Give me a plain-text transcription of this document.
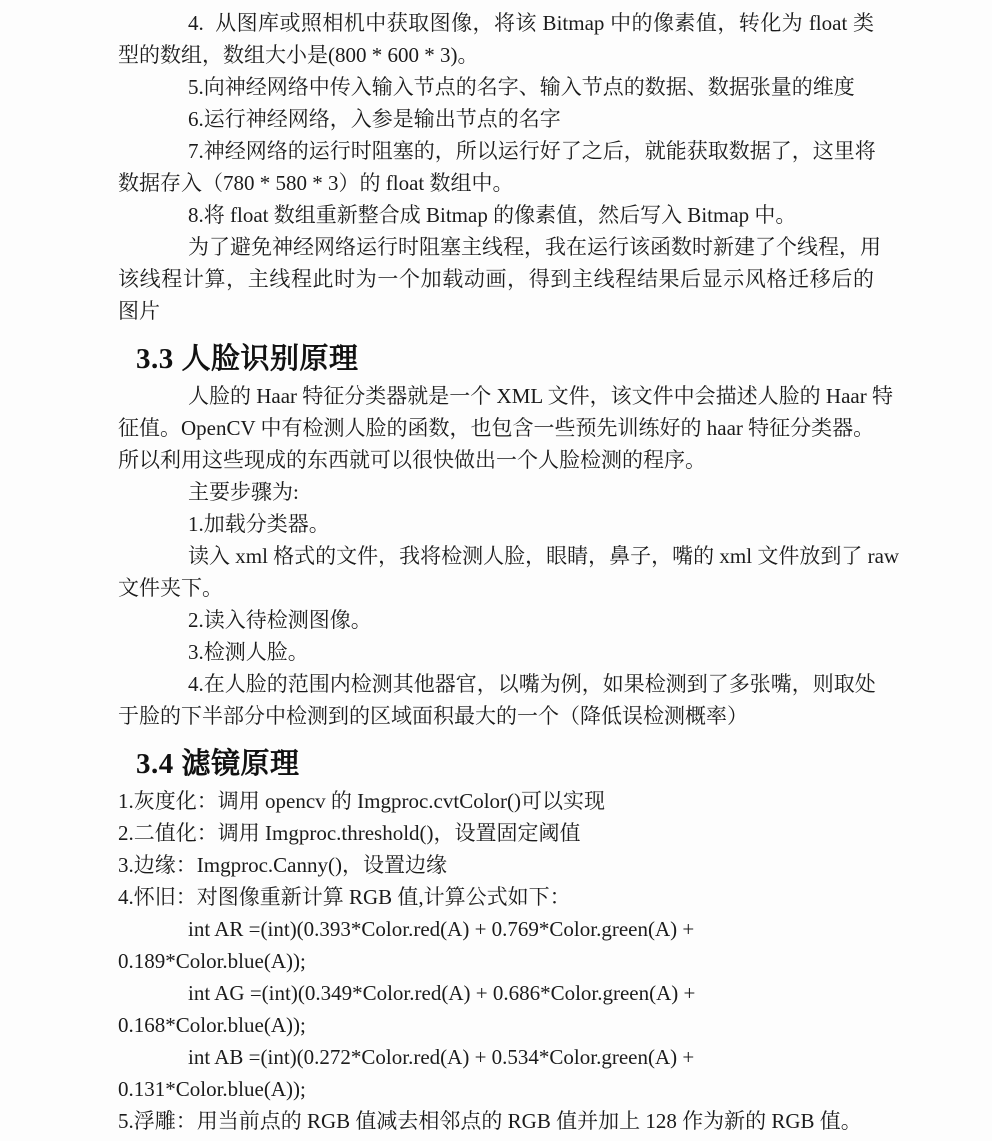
4.  从图库或照相机中获取图像，将该 Bitmap 中的像素值，转化为 float 类
型的数组，数组大小是(800 * 600 * 3)。
5.向神经网络中传入输入节点的名字、输入节点的数据、数据张量的维度
6.运行神经网络，入参是输出节点的名字
7.神经网络的运行时阻塞的，所以运行好了之后，就能获取数据了，这里将
数据存入（780 * 580 * 3）的 float 数组中。
8.将 float 数组重新整合成 Bitmap 的像素值，然后写入 Bitmap 中。
为了避免神经网络运行时阻塞主线程，我在运行该函数时新建了个线程，用
该线程计算，主线程此时为一个加载动画，得到主线程结果后显示风格迁移后的
图片
3.3 人脸识别原理
人脸的 Haar 特征分类器就是一个 XML 文件，该文件中会描述人脸的 Haar 特
征值。OpenCV 中有检测人脸的函数，也包含一些预先训练好的 haar 特征分类器。
所以利用这些现成的东西就可以很快做出一个人脸检测的程序。
主要步骤为:
1.加载分类器。
读入 xml 格式的文件，我将检测人脸，眼睛，鼻子，嘴的 xml 文件放到了 raw
文件夹下。
2.读入待检测图像。
3.检测人脸。
4.在人脸的范围内检测其他器官，以嘴为例，如果检测到了多张嘴，则取处
于脸的下半部分中检测到的区域面积最大的一个（降低误检测概率）
3.4 滤镜原理
1.灰度化：调用 opencv 的 Imgproc.cvtColor()可以实现
2.二值化：调用 Imgproc.threshold()，设置固定阈值
3.边缘：Imgproc.Canny()，设置边缘
4.怀旧：对图像重新计算 RGB 值,计算公式如下：
int AR =(int)(0.393*Color.red(A) + 0.769*Color.green(A) +
0.189*Color.blue(A));
int AG =(int)(0.349*Color.red(A) + 0.686*Color.green(A) +
0.168*Color.blue(A));
int AB =(int)(0.272*Color.red(A) + 0.534*Color.green(A) +
0.131*Color.blue(A));
5.浮雕：用当前点的 RGB 值减去相邻点的 RGB 值并加上 128 作为新的 RGB 值。
